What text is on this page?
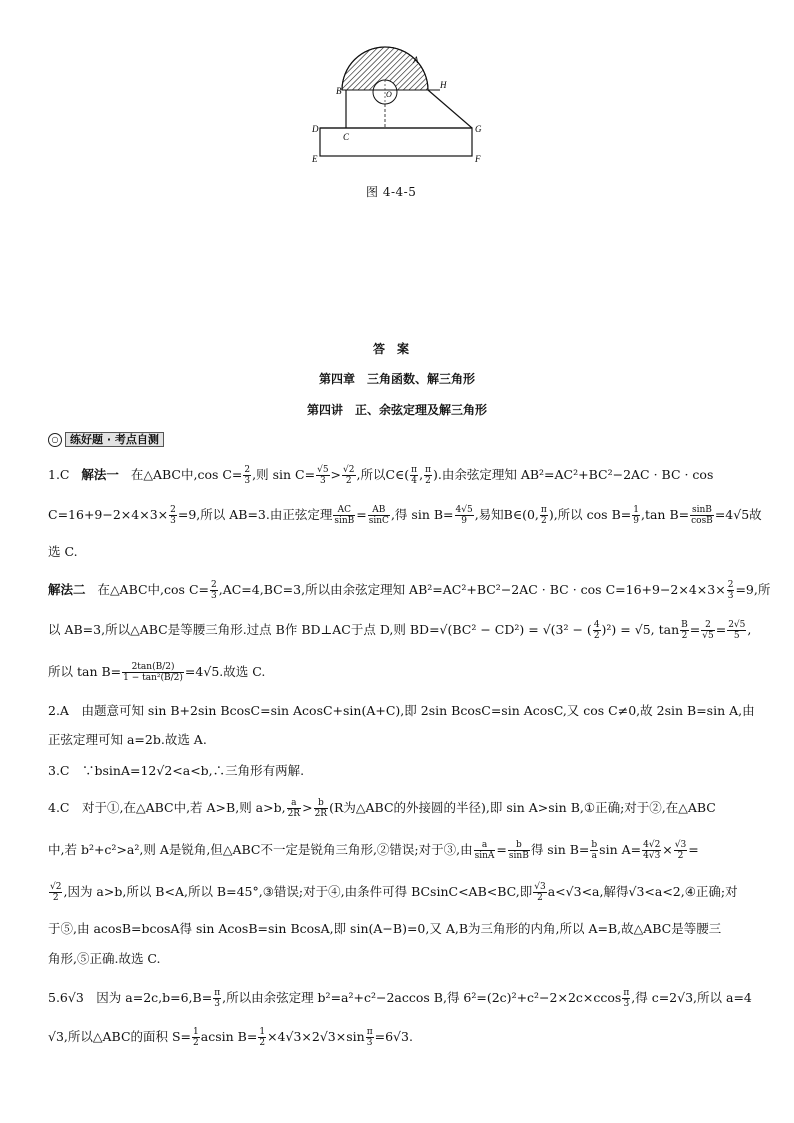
A
B
H
O
D
C
G
E	F
图 4-4-5
答案
第四章　三角函数、解三角形
第四讲　正、余弦定理及解三角形
○	练好题 · 考点自测
1.C 解法一 在△ABC中,cos $C= \frac{2}{3}$ ,则 $\sin C= \frac{√5}{3} > \frac{√2}{2}$ ,所以C∈( $\frac{\pi}{4}$ , $\frac{\pi}{2}$ ).由余弦定理知 AB²=AC²+BC²−2AC · BC · cos
$C=16+9-2\times 4\times 3\times \frac{2}{3} =9$,所以 AB=3.由正弦定理 $\frac{AC}{\sin B} = \frac{AB}{\sin C}$ ,得 $\sin B= \frac{4√5}{9}$ ,易知B∈(0, $\frac{\pi}{2}$ ),所以 $\cos B= \frac{1}{9} ,\tan$ $B= \frac{\sin B}{\cos B} =4√5$故
选 C.
解法二 在△ABC中,cos $C= \frac{2}{3} ,AC=4,BC=3$,所以由余弦定理知 AB²=AC²+BC²−2AC · BC · $\cos C=16+9-2\times 4\times 3\times \frac{2}{3} =9$,所
以 AB=3,所以△ABC是等腰三角形.过点 B作 BD⊥AC于点 D,则 BD=√(BC² − CD²) = √(3² − ( $\frac{4}{2} )^2) = √5$, $\tan \frac{B}{2} = \frac{2}{√5} = \frac{2√5}{5}$ ,
所以 $\tan B= \frac{2\tan(B/2)}{\text{1 − tan²(B/2)}} =4√5$.故选 C.
2.A　由题意可知 sin B+2sin BcosC=sin AcosC+sin(A+C),即 2sin BcosC=sin AcosC,又 cos C≠0,故 2sin B=sin A,由
正弦定理可知 a=2b.故选 A.
3.C　∵bsinA=12√2<a<b,∴三角形有两解.
4.C　对于①,在△ABC中,若 A>B,则 a>b, $\frac{a}{2R} > \frac{b}{2R} (R$为△ABC的外接圆的半径),即 sin A>sin B,①正确;对于②,在△ABC
中,若 b²+c²>a²,则 A是锐角,但△ABC不一定是锐角三角形,②错误;对于③,由 $\frac{a}{\sin A} = \frac{b}{\sin B}$ 得 $\sin B= \frac{b}{a}$ $\sin A= \frac{4√2}{4√3} \times \frac{√3}{2}$ =
$\frac{√2}{2}$ ,因为 a>b,所以 B<A,所以 B=45°,③错误;对于④,由条件可得 BCsinC<AB<BC,即 $\frac{√3}{2} a<√3<a$,解得√3<a<2,④正确;对
于⑤,由 acosB=bcosA得 sin AcosB=sin BcosA,即 sin(A−B)=0,又 A,B为三角形的内角,所以 A=B,故△ABC是等腰三
角形,⑤正确.故选 C.
5.6√3　因为 $a=2c,b=6,B= \frac{\pi}{3}$ ,所以由余弦定理 b²=a²+c²−2accos B,得 $6^2=(2c)^2+c^2-2\times 2c\times ccos \frac{\pi}{3}$ ,得 c=2√3,所以 a=4
√3,所以△ABC的面积 $S= \frac{1}{2}$ acsin $B= \frac{1}{2} \times 4√3\times 2√3\times\sin \frac{\pi}{3} =6√3$.
